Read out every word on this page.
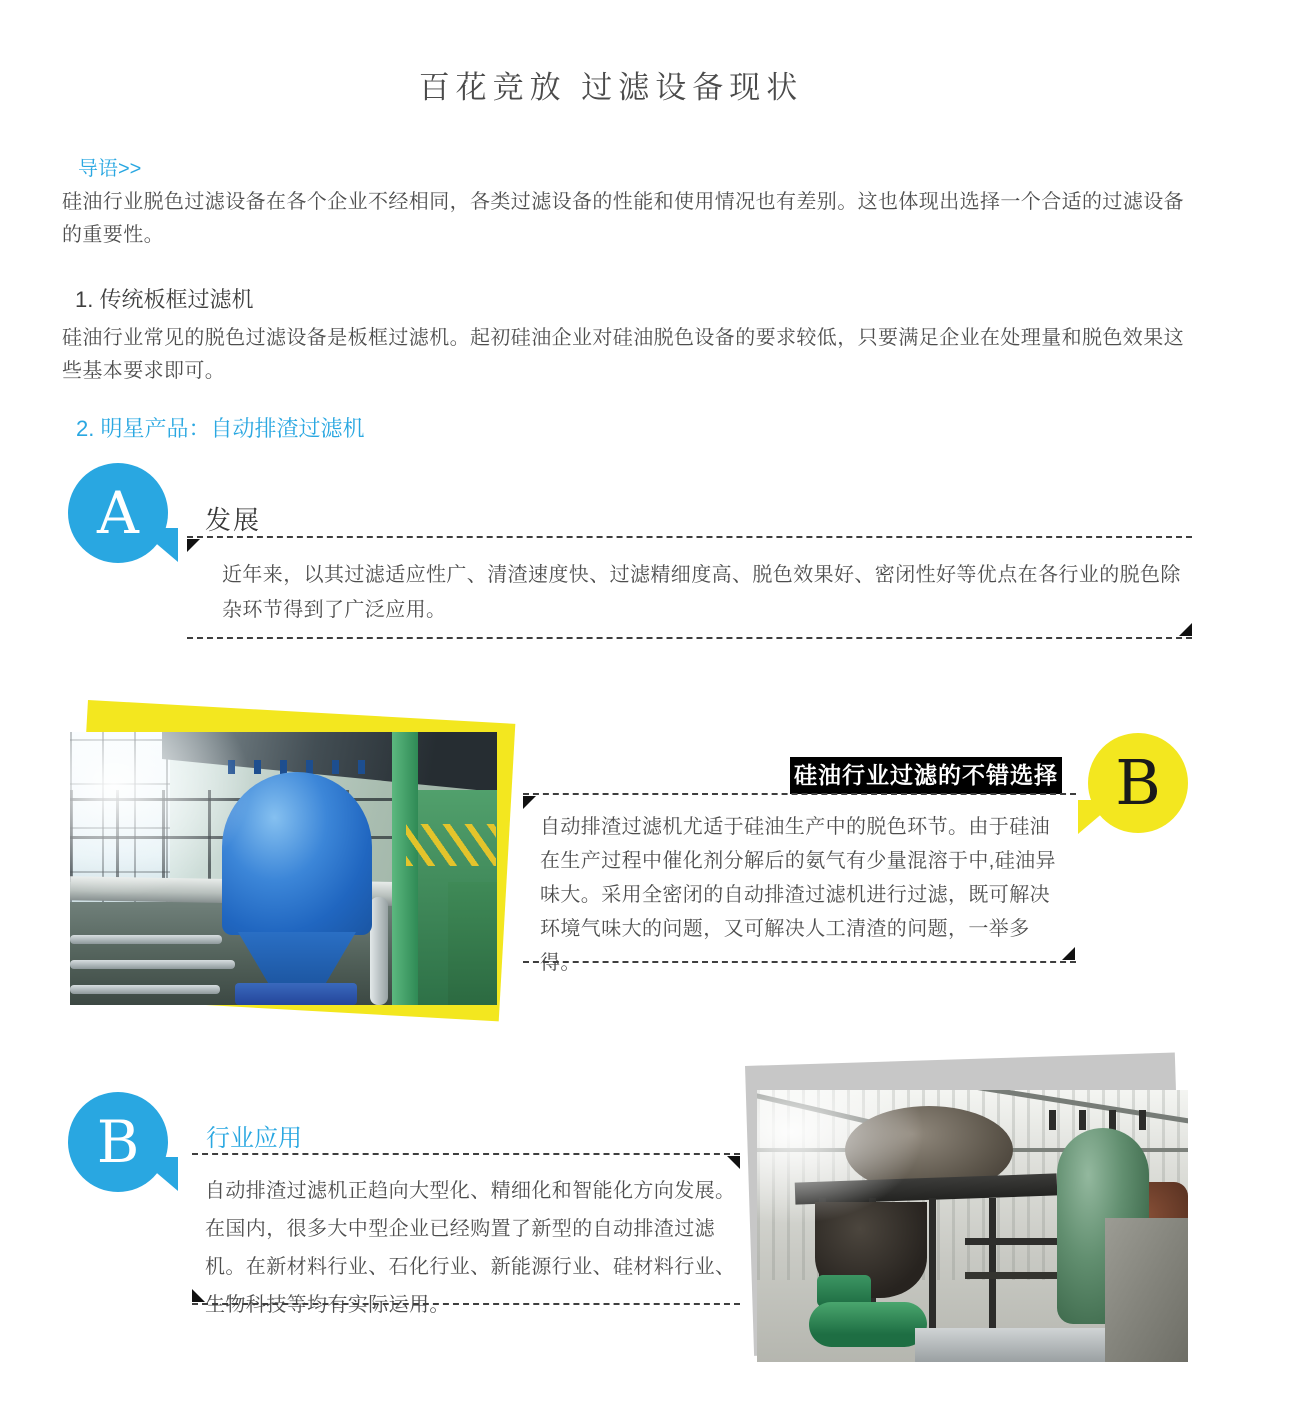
百花竞放 过滤设备现状
导语>>
硅油行业脱色过滤设备在各个企业不经相同，各类过滤设备的性能和使用情况也有差别。这也体现出选择一个合适的过滤设备的重要性。
1. 传统板框过滤机
硅油行业常见的脱色过滤设备是板框过滤机。起初硅油企业对硅油脱色设备的要求较低，只要满足企业在处理量和脱色效果这些基本要求即可。
2. 明星产品：自动排渣过滤机
A	发展
近年来，以其过滤适应性广、清渣速度快、过滤精细度高、脱色效果好、密闭性好等优点在各行业的脱色除杂环节得到了广泛应用。
硅油行业过滤的不错选择 B
自动排渣过滤机尤适于硅油生产中的脱色环节。由于硅油在生产过程中催化剂分解后的氨气有少量混溶于中,硅油异味大。采用全密闭的自动排渣过滤机进行过滤，既可解决环境气味大的问题，又可解决人工清渣的问题，一举多得。
B	行业应用
自动排渣过滤机正趋向大型化、精细化和智能化方向发展。在国内，很多大中型企业已经购置了新型的自动排渣过滤机。在新材料行业、石化行业、新能源行业、硅材料行业、生物科技等均有实际运用。
